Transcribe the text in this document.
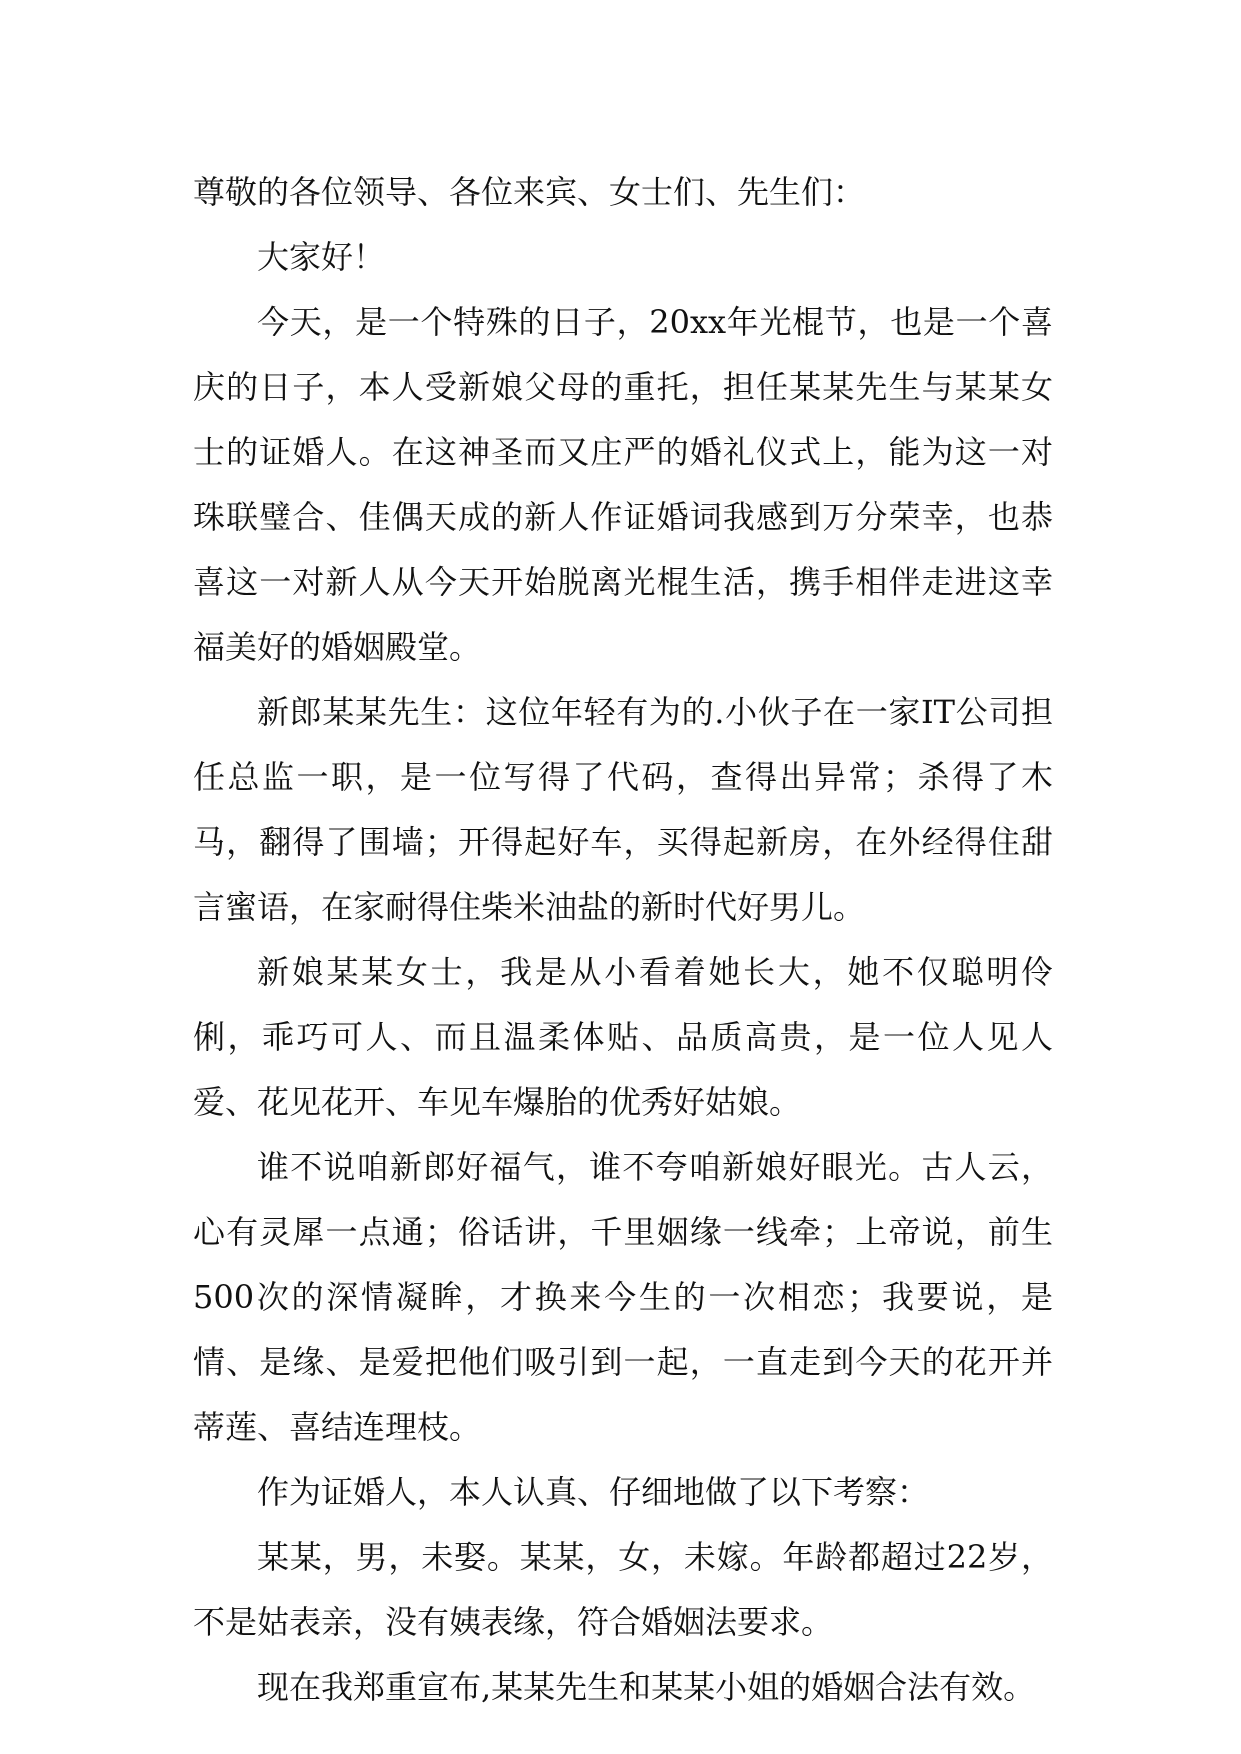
尊敬的各位领导、各位来宾、女士们、先生们：

大家好！

今天，是一个特殊的日子，20xx年光棍节，也是一个喜庆的日子，本人受新娘父母的重托，担任某某先生与某某女士的证婚人。在这神圣而又庄严的婚礼仪式上，能为这一对珠联璧合、佳偶天成的新人作证婚词我感到万分荣幸，也恭喜这一对新人从今天开始脱离光棍生活，携手相伴走进这幸福美好的婚姻殿堂。

新郎某某先生：这位年轻有为的.小伙子在一家IT公司担任总监一职，是一位写得了代码，查得出异常；杀得了木马，翻得了围墙；开得起好车，买得起新房，在外经得住甜言蜜语，在家耐得住柴米油盐的新时代好男儿。

新娘某某女士，我是从小看着她长大，她不仅聪明伶俐，乖巧可人、而且温柔体贴、品质高贵，是一位人见人爱、花见花开、车见车爆胎的优秀好姑娘。

谁不说咱新郎好福气，谁不夸咱新娘好眼光。古人云，心有灵犀一点通；俗话讲，千里姻缘一线牵；上帝说，前生500次的深情凝眸，才换来今生的一次相恋；我要说，是情、是缘、是爱把他们吸引到一起，一直走到今天的花开并蒂莲、喜结连理枝。

作为证婚人，本人认真、仔细地做了以下考察：

某某，男，未娶。某某，女，未嫁。年龄都超过22岁，不是姑表亲，没有姨表缘，符合婚姻法要求。

现在我郑重宣布,某某先生和某某小姐的婚姻合法有效。
